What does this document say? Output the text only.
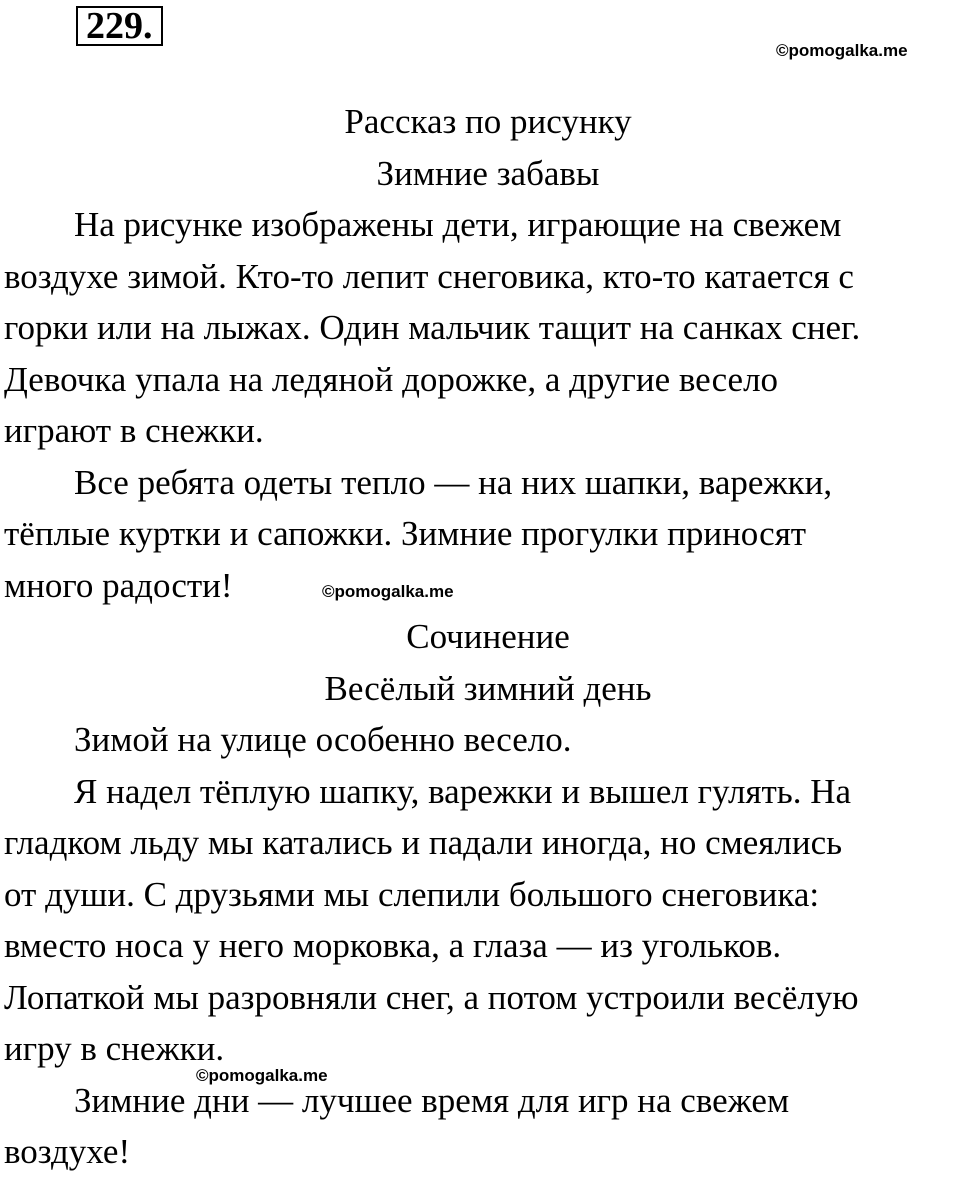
229.
©pomogalka.me

Рассказ по рисунку

Зимние забавы

На рисунке изображены дети, играющие на свежем

воздухе зимой. Кто-то лепит снеговика, кто-то катается с

горки или на лыжах. Один мальчик тащит на санках снег.

Девочка упала на ледяной дорожке, а другие весело

играют в снежки.

Все ребята одеты тепло — на них шапки, варежки,

тёплые куртки и сапожки. Зимние прогулки приносят

много радости!

Сочинение

Весёлый зимний день

Зимой на улице особенно весело.

Я надел тёплую шапку, варежки и вышел гулять. На

гладком льду мы катались и падали иногда, но смеялись

от души. С друзьями мы слепили большого снеговика:

вместо носа у него морковка, а глаза — из угольков.

Лопаткой мы разровняли снег, а потом устроили весёлую

игру в снежки.

Зимние дни — лучшее время для игр на свежем

воздухе!

©pomogalka.me
©pomogalka.me
